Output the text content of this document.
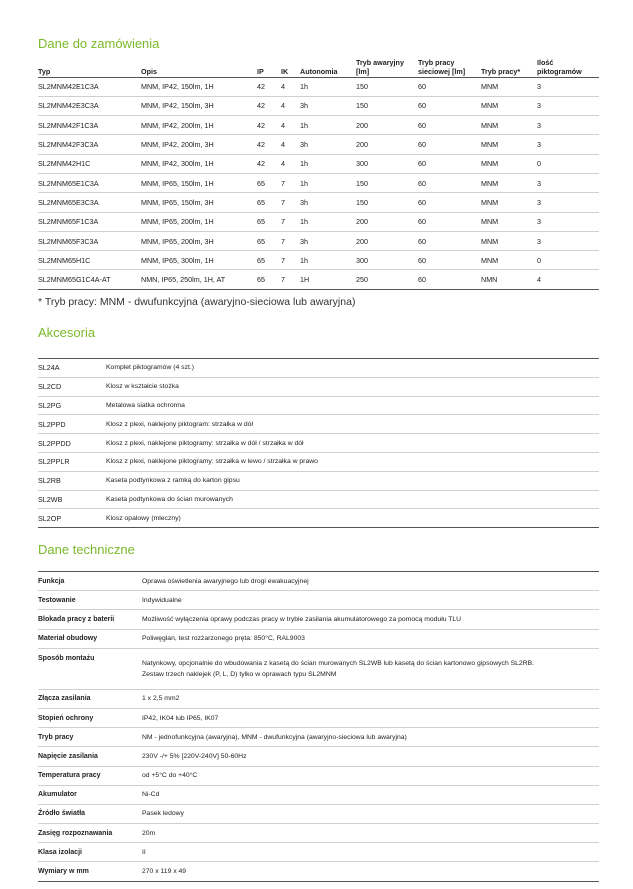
Dane do zamówienia
Typ	Opis	IP	IK	Autonomia	Tryb awaryjny [lm]	Tryb pracy sieciowej [lm]	Tryb pracy*	Ilość piktogramów
SL2MNM42E1C3A	MNM, IP42, 150lm, 1H	42	4	1h	150	60	MNM	3
SL2MNM42E3C3A	MNM, IP42, 150lm, 3H	42	4	3h	150	60	MNM	3
SL2MNM42F1C3A	MNM, IP42, 200lm, 1H	42	4	1h	200	60	MNM	3
SL2MNM42F3C3A	MNM, IP42, 200lm, 3H	42	4	3h	200	60	MNM	3
SL2MNM42H1C	MNM, IP42, 300lm, 1H	42	4	1h	300	60	MNM	0
SL2MNM65E1C3A	MNM, IP65, 150lm, 1H	65	7	1h	150	60	MNM	3
SL2MNM65E3C3A	MNM, IP65, 150lm, 3H	65	7	3h	150	60	MNM	3
SL2MNM65F1C3A	MNM, IP65, 200lm, 1H	65	7	1h	200	60	MNM	3
SL2MNM65F3C3A	MNM, IP65, 200lm, 3H	65	7	3h	200	60	MNM	3
SL2MNM65H1C	MNM, IP65, 300lm, 1H	65	7	1h	300	60	MNM	0
SL2MNM65G1C4A-AT	NMN, IP65, 250lm, 1H, AT	65	7	1H	250	60	NMN	4
* Tryb pracy: MNM - dwufunkcyjna (awaryjno-sieciowa lub awaryjna)
Akcesoria
SL24A	Komplet piktogramów (4 szt.)
SL2CD	Klosz w kształcie stożka
SL2PG	Metalowa siatka ochronna
SL2PPD	Klosz z plexi, naklejony piktogram: strzałka w dół
SL2PPDD	Klosz z plexi, naklejone piktogramy: strzałka w dół / strzałka w dół
SL2PPLR	Klosz z plexi, naklejone piktogramy: strzałka w lewo / strzałka w prawo
SL2RB	Kaseta podtynkowa z ramką do karton gipsu
SL2WB	Kaseta podtynkowa do ścian murowanych
SL2OP	Klosz opalowy (mleczny)
Dane techniczne
Funkcja	Oprawa oświetlenia awaryjnego lub drogi ewakuacyjnej

Testowanie	Indywidualne

Blokada pracy z baterii	Możliwość wyłączenia oprawy podczas pracy w trybie zasilania akumulatorowego za pomocą modułu TLU

Materiał obudowy	Poliwęglan, test rozżarzonego pręta: 850°C, RAL9003

Sposób montażu	Natynkowy, opcjonalnie do wbudowania z kasetą do ścian murowanych SL2WB lub kasetą do ścian kartonowo gipsowych SL2RB.
Zestaw trzech naklejek (P, L, D) tylko w oprawach typu SL2MNM

Złącza zasilania	1 x 2,5 mm2

Stopień ochrony	IP42, IK04 lub IP65, IK07

Tryb pracy	NM - jednofunkcyjna (awaryjna), MNM - dwufunkcyjna (awaryjno-sieciowa lub awaryjna)

Napięcie zasilania	230V -/+ 5% [220V-240V] 50-60Hz

Temperatura pracy	od +5°C do +40°C

Akumulator	Ni-Cd

Źródło światła	Pasek ledowy

Zasięg rozpoznawania	20m

Klasa izolacji	II

Wymiary w mm	270 x 119 x 49
